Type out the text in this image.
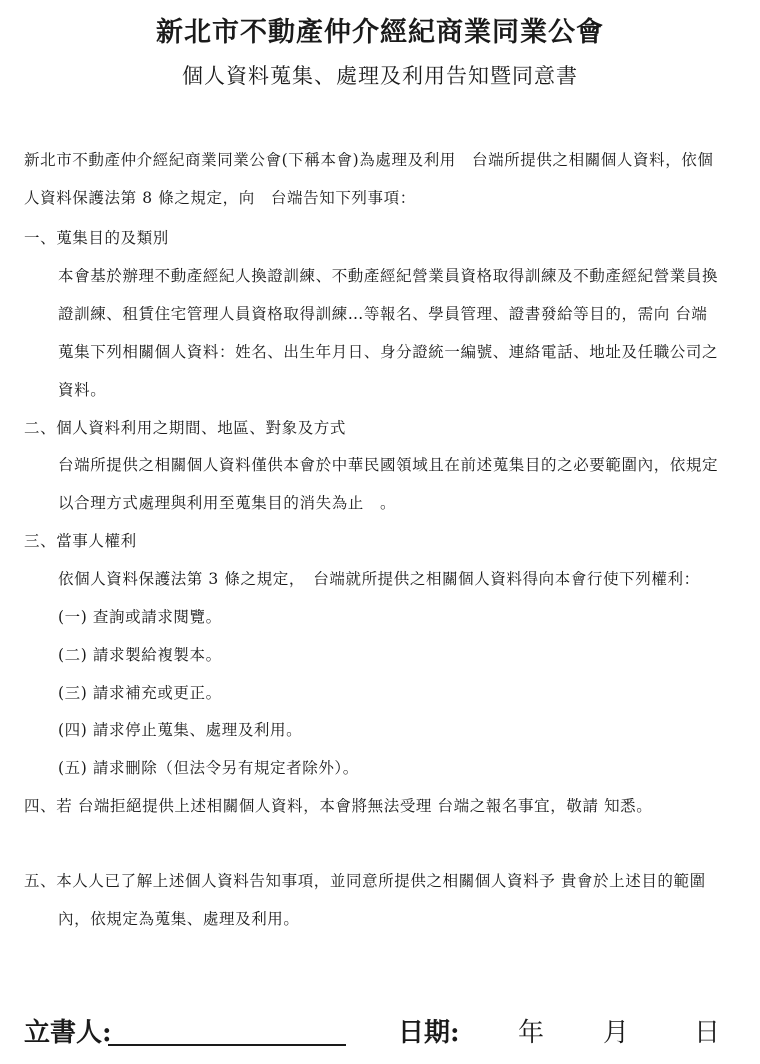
新北市不動產仲介經紀商業同業公會
個人資料蒐集、處理及利用告知暨同意書
新北市不動產仲介經紀商業同業公會(下稱本會)為處理及利用　台端所提供之相關個人資料，依個
人資料保護法第 8 條之規定，向　台端告知下列事項：
一、蒐集目的及類別
本會基於辦理不動產經紀人換證訓練、不動產經紀營業員資格取得訓練及不動產經紀營業員換
證訓練、租賃住宅管理人員資格取得訓練…等報名、學員管理、證書發給等目的，需向 台端
蒐集下列相關個人資料：姓名、出生年月日、身分證統一編號、連絡電話、地址及任職公司之
資料。
二、個人資料利用之期間、地區、對象及方式
台端所提供之相關個人資料僅供本會於中華民國領域且在前述蒐集目的之必要範圍內，依規定
以合理方式處理與利用至蒐集目的消失為止　。
三、當事人權利
依個人資料保護法第 3 條之規定，　台端就所提供之相關個人資料得向本會行使下列權利：
(一) 查詢或請求閱覽。
(二) 請求製給複製本。
(三) 請求補充或更正。
(四) 請求停止蒐集、處理及利用。
(五) 請求刪除（但法令另有規定者除外）。
四、若 台端拒絕提供上述相關個人資料，本會將無法受理 台端之報名事宜，敬請 知悉。
五、本人人已了解上述個人資料告知事項，並同意所提供之相關個人資料予 貴會於上述目的範圍
內，依規定為蒐集、處理及利用。
立書人:	日期: 年 月 日
